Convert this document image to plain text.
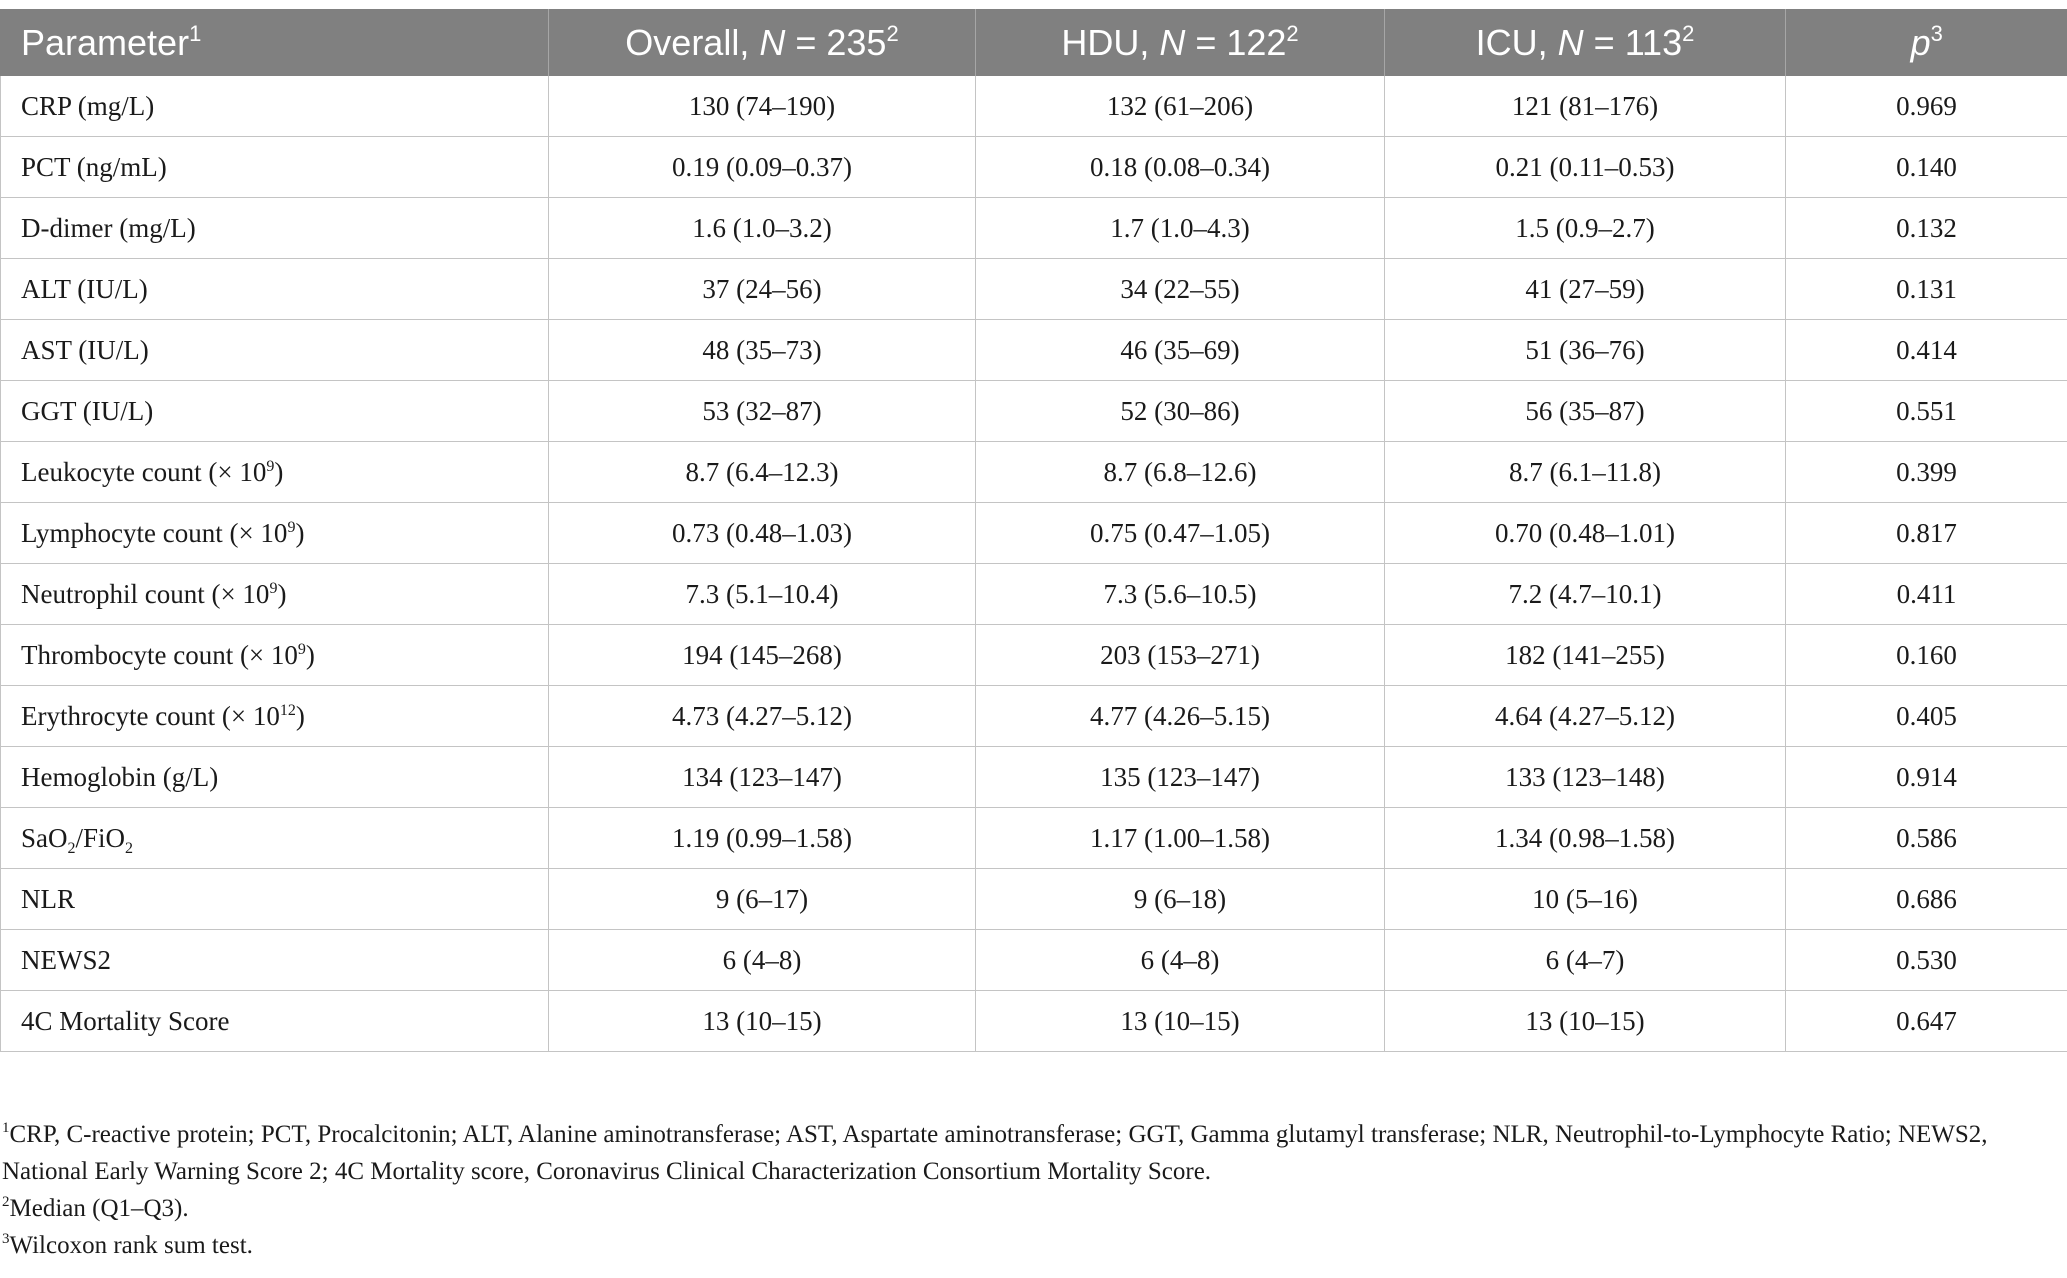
Parameter$^1$	Overall, $N = 235^2$	HDU, $N = 122^2$	ICU, $N = 113^2$	$p^3$
CRP (mg/L)	130 (74–190)	132 (61–206)	121 (81–176)	0.969
PCT (ng/mL)	0.19 (0.09–0.37)	0.18 (0.08–0.34)	0.21 (0.11–0.53)	0.140
D-dimer (mg/L)	1.6 (1.0–3.2)	1.7 (1.0–4.3)	1.5 (0.9–2.7)	0.132
ALT (IU/L)	37 (24–56)	34 (22–55)	41 (27–59)	0.131
AST (IU/L)	48 (35–73)	46 (35–69)	51 (36–76)	0.414
GGT (IU/L)	53 (32–87)	52 (30–86)	56 (35–87)	0.551
Leukocyte count (× $10^9$)	8.7 (6.4–12.3)	8.7 (6.8–12.6)	8.7 (6.1–11.8)	0.399
Lymphocyte count (× $10^9$)	0.73 (0.48–1.03)	0.75 (0.47–1.05)	0.70 (0.48–1.01)	0.817
Neutrophil count (× $10^9$)	7.3 (5.1–10.4)	7.3 (5.6–10.5)	7.2 (4.7–10.1)	0.411
Thrombocyte count (× $10^9$)	194 (145–268)	203 (153–271)	182 (141–255)	0.160
Erythrocyte count (× $10^{12}$)	4.73 (4.27–5.12)	4.77 (4.26–5.15)	4.64 (4.27–5.12)	0.405
Hemoglobin (g/L)	134 (123–147)	135 (123–147)	133 (123–148)	0.914
SaO$_2$/FiO$_2$	1.19 (0.99–1.58)	1.17 (1.00–1.58)	1.34 (0.98–1.58)	0.586
NLR	9 (6–17)	9 (6–18)	10 (5–16)	0.686
NEWS2	6 (4–8)	6 (4–8)	6 (4–7)	0.530
4C Mortality Score	13 (10–15)	13 (10–15)	13 (10–15)	0.647

$^1$CRP, C-reactive protein; PCT, Procalcitonin; ALT, Alanine aminotransferase; AST, Aspartate aminotransferase; GGT, Gamma glutamyl transferase; NLR, Neutrophil-to-Lymphocyte Ratio; NEWS2, National Early Warning Score 2; 4C Mortality score, Coronavirus Clinical Characterization Consortium Mortality Score.

$^2$Median (Q1–Q3).

$^3$Wilcoxon rank sum test.
